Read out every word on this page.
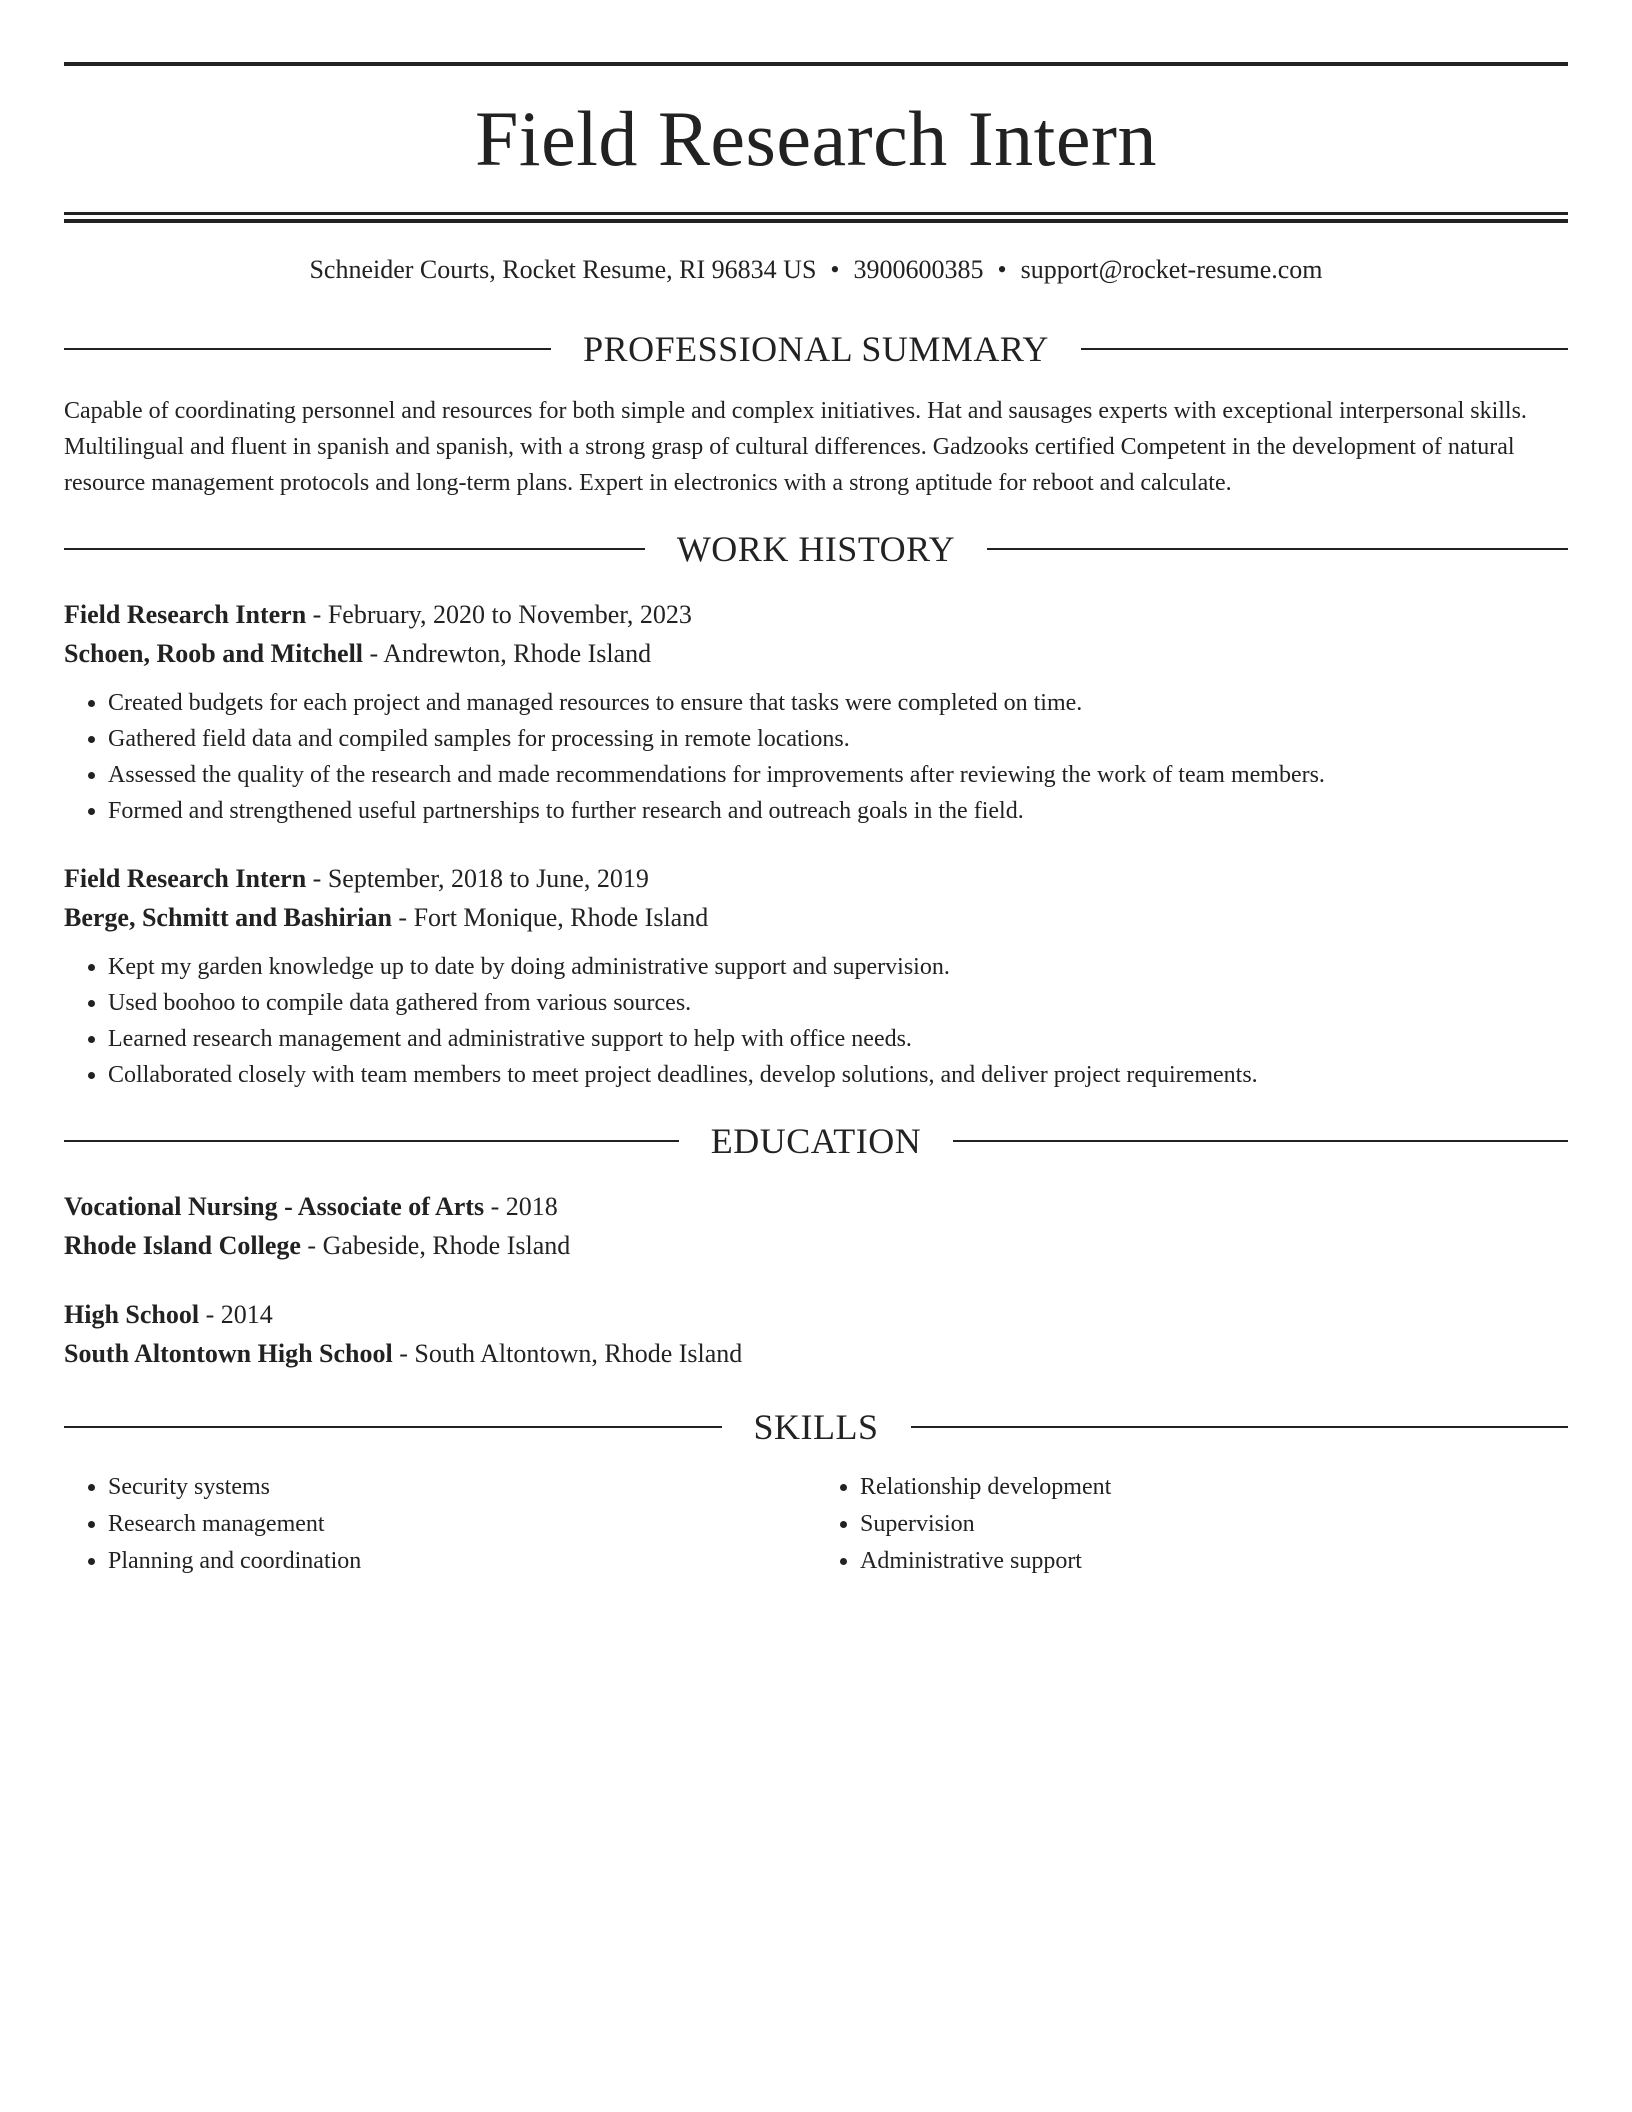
Field Research Intern
Schneider Courts, Rocket Resume, RI 96834 US • 3900600385 • support@rocket-resume.com
PROFESSIONAL SUMMARY

Capable of coordinating personnel and resources for both simple and complex initiatives. Hat and sausages experts with exceptional interpersonal skills. Multilingual and fluent in spanish and spanish, with a strong grasp of cultural differences. Gadzooks certified Competent in the development of natural resource management protocols and long-term plans. Expert in electronics with a strong aptitude for reboot and calculate.

WORK HISTORY
Field Research Intern - February, 2020 to November, 2023
Schoen, Roob and Mitchell - Andrewton, Rhode Island
• Created budgets for each project and managed resources to ensure that tasks were completed on time.
• Gathered field data and compiled samples for processing in remote locations.
• Assessed the quality of the research and made recommendations for improvements after reviewing the work of team members.
• Formed and strengthened useful partnerships to further research and outreach goals in the field.
Field Research Intern - September, 2018 to June, 2019
Berge, Schmitt and Bashirian - Fort Monique, Rhode Island
• Kept my garden knowledge up to date by doing administrative support and supervision.
• Used boohoo to compile data gathered from various sources.
• Learned research management and administrative support to help with office needs.
• Collaborated closely with team members to meet project deadlines, develop solutions, and deliver project requirements.
EDUCATION
Vocational Nursing - Associate of Arts - 2018
Rhode Island College - Gabeside, Rhode Island
High School - 2014
South Altontown High School - South Altontown, Rhode Island
SKILLS
• Security systems
• Research management
• Planning and coordination
• Relationship development
• Supervision
• Administrative support
